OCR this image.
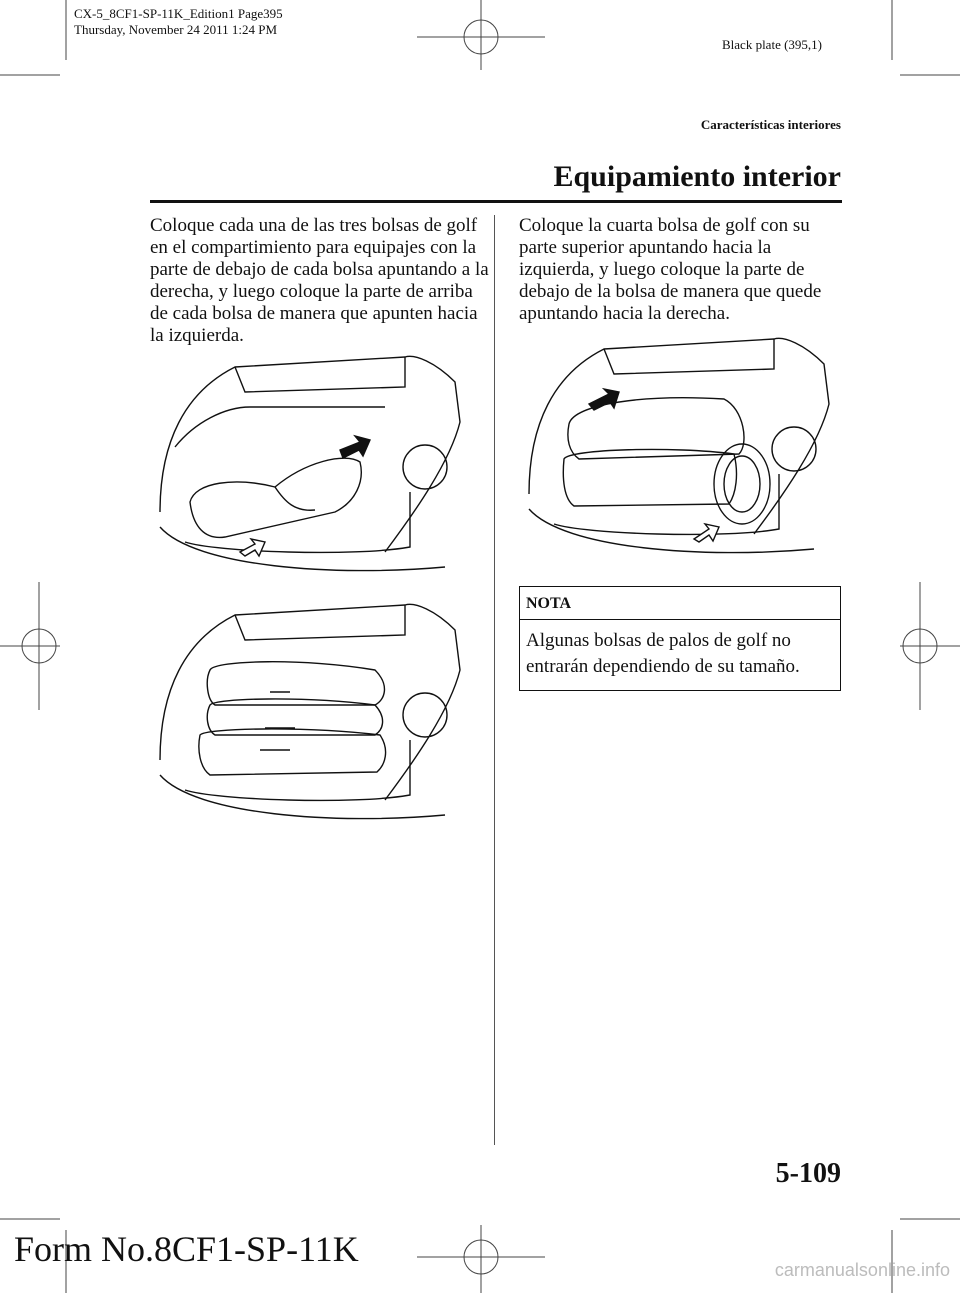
CX-5_8CF1-SP-11K_Edition1 Page395
Thursday, November 24 2011 1:24 PM
Black plate (395,1)
Características interiores
Equipamiento interior
Coloque cada una de las tres bolsas de golf en el compartimiento para equipajes con la parte de debajo de cada bolsa apuntando a la derecha, y luego coloque la parte de arriba de cada bolsa de manera que apunten hacia la izquierda.
Coloque la cuarta bolsa de golf con su parte superior apuntando hacia la izquierda, y luego coloque la parte de debajo de la bolsa de manera que quede apuntando hacia la derecha.
NOTA
Algunas bolsas de palos de golf no entrarán dependiendo de su tamaño.
5-109
Form No.8CF1-SP-11K
carmanualsonline.info
